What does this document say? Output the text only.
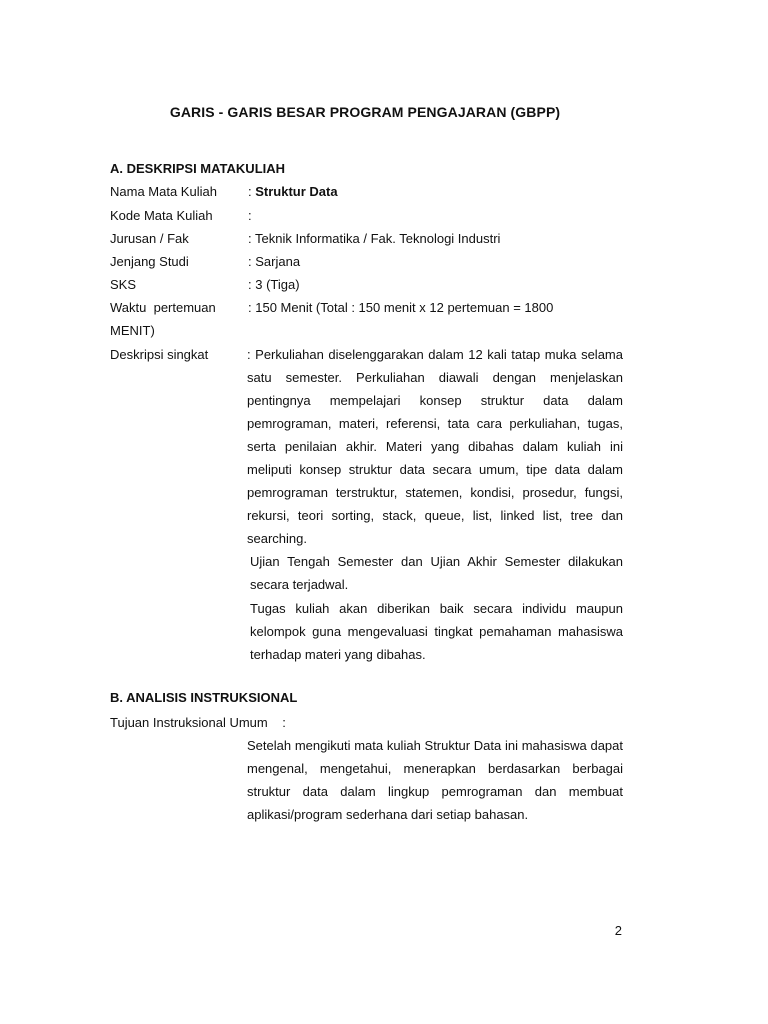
GARIS - GARIS BESAR PROGRAM PENGAJARAN (GBPP)
A. DESKRIPSI MATAKULIAH
Nama Mata Kuliah : Struktur Data
Kode Mata Kuliah	:
Jurusan / Fak	: Teknik Informatika / Fak. Teknologi Industri
Jenjang Studi	: Sarjana
SKS	: 3 (Tiga)
Waktu  pertemuan : 150 Menit (Total : 150 menit x 12 pertemuan = 1800
MENIT)
Deskripsi singkat	: Perkuliahan diselenggarakan dalam 12 kali tatap muka selama satu semester. Perkuliahan diawali dengan menjelaskan pentingnya mempelajari konsep struktur data dalam pemrograman, materi, referensi, tata cara perkuliahan, tugas, serta penilaian akhir. Materi yang dibahas dalam kuliah ini meliputi konsep struktur data secara umum, tipe data dalam pemrograman terstruktur, statemen, kondisi, prosedur, fungsi, rekursi, teori sorting, stack, queue, list, linked list, tree dan searching.
Ujian Tengah Semester dan Ujian Akhir Semester dilakukan secara terjadwal.
Tugas kuliah akan diberikan baik secara individu maupun kelompok guna mengevaluasi tingkat pemahaman mahasiswa terhadap materi yang dibahas.
B. ANALISIS INSTRUKSIONAL
Tujuan Instruksional Umum    :
Setelah mengikuti mata kuliah Struktur Data ini mahasiswa dapat mengenal, mengetahui, menerapkan berdasarkan berbagai struktur data dalam lingkup pemrograman dan membuat aplikasi/program sederhana dari setiap bahasan.
2
